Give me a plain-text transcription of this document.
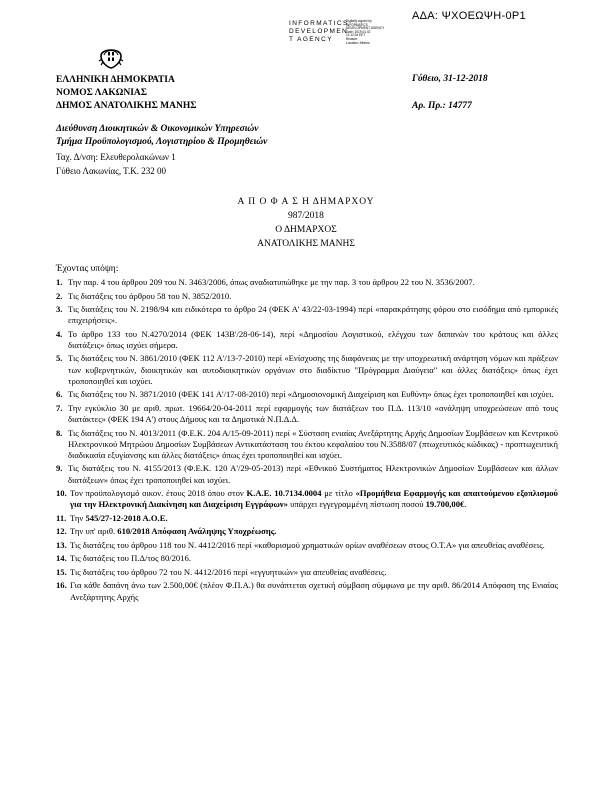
ΑΔΑ: ΨΧΟΕΩΨΗ-0Ρ1
INFORMATICS
DEVELOPMEN
T AGENCY
Digitally signed by
INFORMATICS
DEVELOPMENT AGENCY
Date: 2019.01.02
11:12:34 EET
Reason:
Location: Athens
ΕΛΛΗΝΙΚΗ ΔΗΜΟΚΡΑΤΙΑ
ΝΟΜΟΣ ΛΑΚΩΝΙΑΣ
ΔΗΜΟΣ ΑΝΑΤΟΛΙΚΗΣ ΜΑΝΗΣ
Διεύθυνση Διοικητικών & Οικονομικών Υπηρεσιών
Τμήμα Προϋπολογισμού, Λογιστηρίου & Προμηθειών
Ταχ. Δ/νση: Ελευθερολακώνων 1
Γύθειο Λακωνίας, Τ.Κ. 232 00
Γύθειο, 31-12-2018
Αρ. Πρ.: 14777
Α Π Ο Φ Α Σ Η ΔΗΜΑΡΧΟΥ
987/2018
Ο ΔΗΜΑΡΧΟΣ
ΑΝΑΤΟΛΙΚΗΣ ΜΑΝΗΣ
Έχοντας υπόψη:
1. Την παρ. 4 του άρθρου 209 του Ν. 3463/2006, όπως αναδιατυπώθηκε με την παρ. 3 του άρθρου 22 του Ν. 3536/2007.
2. Τις διατάξεις του άρθρου 58 του Ν. 3852/2010.
3. Τις διατάξεις του Ν. 2198/94 και ειδικότερα το άρθρο 24 (ΦΕΚ Α' 43/22-03-1994) περί «παρακράτησης φόρου στο εισόδημα από εμπορικές επιχειρήσεις».
4. Το άρθρο 133 του Ν.4270/2014 (ΦΕΚ 143Β'/28-06-14), περί «Δημοσίου Λογιστικού, ελέγχου των δαπανών του κράτους και άλλες διατάξεις» όπως ισχύει σήμερα.
5. Τις διατάξεις του Ν. 3861/2010 (ΦΕΚ 112 Α'/13-7-2010) περί «Ενίσχυσης της διαφάνειας με την υποχρεωτική ανάρτηση νόμων και πράξεων των κυβερνητικών, διοικητικών και αυτοδιοικητικών οργάνων στο διαδίκτυο "Πρόγραμμα Διαύγεια" και άλλες διατάξεις» όπως έχει τροποποιηθεί και ισχύει.
6. Τις διατάξεις του Ν. 3871/2010 (ΦΕΚ 141 Α'/17-08-2010) περί «Δημοσιονομική Διαχείριση και Ευθύνη» όπως έχει τροποποιηθεί και ισχύει.
7. Την εγκύκλιο 30 με αριθ. πρωτ. 19664/20-04-2011 περί εφαρμογής των διατάξεων του Π.Δ. 113/10 «ανάληψη υποχρεώσεων από τους διατάκτες» (ΦΕΚ 194 Α') στους Δήμους και τα Δημοτικά Ν.Π.Δ.Δ.
8. Τις διατάξεις του Ν. 4013/2011 (Φ.Ε.Κ. 204 Α/15-09-2011) περί « Σύσταση ενιαίας Ανεξάρτητης Αρχής Δημοσίων Συμβάσεων και Κεντρικού Ηλεκτρονικού Μητρώου Δημοσίων Συμβάσεων Αντικατάσταση του έκτου κεφαλαίου του Ν.3588/07 (πτωχευτικός κώδικας) - προπτωχευτική διαδικασία εξυγίανσης και άλλες διατάξεις» όπως έχει τροποποιηθεί και ισχύει.
9. Τις διατάξεις του Ν. 4155/2013 (Φ.Ε.Κ. 120 Α'/29-05-2013) περί «Εθνικού Συστήματος Ηλεκτρονικών Δημοσίων Συμβάσεων και άλλων διατάξεων» όπως έχει τροποποιηθεί και ισχύει.
10. Τον προϋπολογισμό οικον. έτους 2018 όπου στον Κ.Α.Ε. 10.7134.0004 με τίτλο «Προμήθεια Εφαρμογής και απαιτούμενου εξοπλισμού για την Ηλεκτρονική Διακίνηση και Διαχείριση Εγγράφων» υπάρχει εγγεγραμμένη πίστωση ποσού 19.700,00€.
11. Την 545/27-12-2018 Α.Ο.Ε.
12. Την υπ' αριθ. 610/2018 Απόφαση Ανάληψης Υποχρέωσης.
13. Τις διατάξεις του άρθρου 118 του Ν. 4412/2016 περί «καθορισμού χρηματικών ορίων αναθέσεων στους Ο.Τ.Α» για απευθείας αναθέσεις.
14. Τις διατάξεις του Π.Δ/τος 80/2016.
15. Τις διατάξεις του άρθρου 72 του Ν. 4412/2016 περί «εγγυητικών» για απευθείας αναθέσεις.
16. Για κάθε δαπάνη άνω των 2.500,00€ (πλέον Φ.Π.Α.) θα συνάπτεται σχετική σύμβαση σύμφωνα με την αριθ. 86/2014 Απόφαση της Ενιαίας Ανεξάρτητης Αρχής
